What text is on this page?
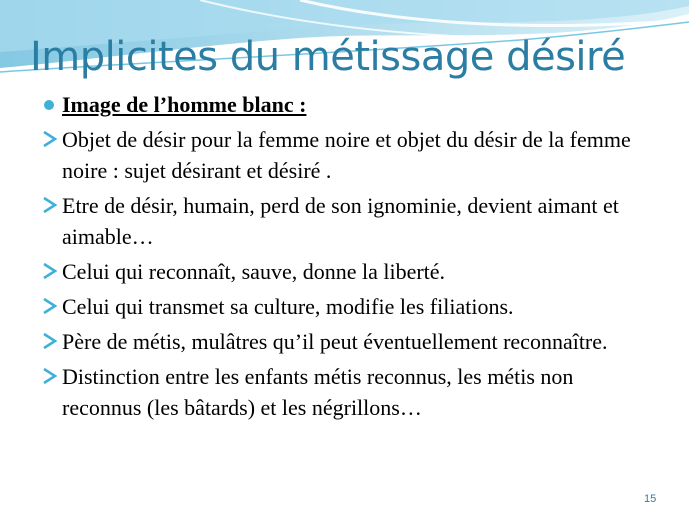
Implicites du métissage désiré
Image de l’homme blanc :
Objet de désir pour la femme noire et objet du désir de la femme noire : sujet désirant et désiré .
Etre de désir, humain, perd de son ignominie, devient aimant et aimable…
Celui qui reconnaît, sauve, donne la liberté.
Celui qui transmet sa culture, modifie les filiations.
Père de métis, mulâtres qu’il peut éventuellement reconnaître.
Distinction entre les enfants métis reconnus, les métis non reconnus (les bâtards) et les négrillons…
15
